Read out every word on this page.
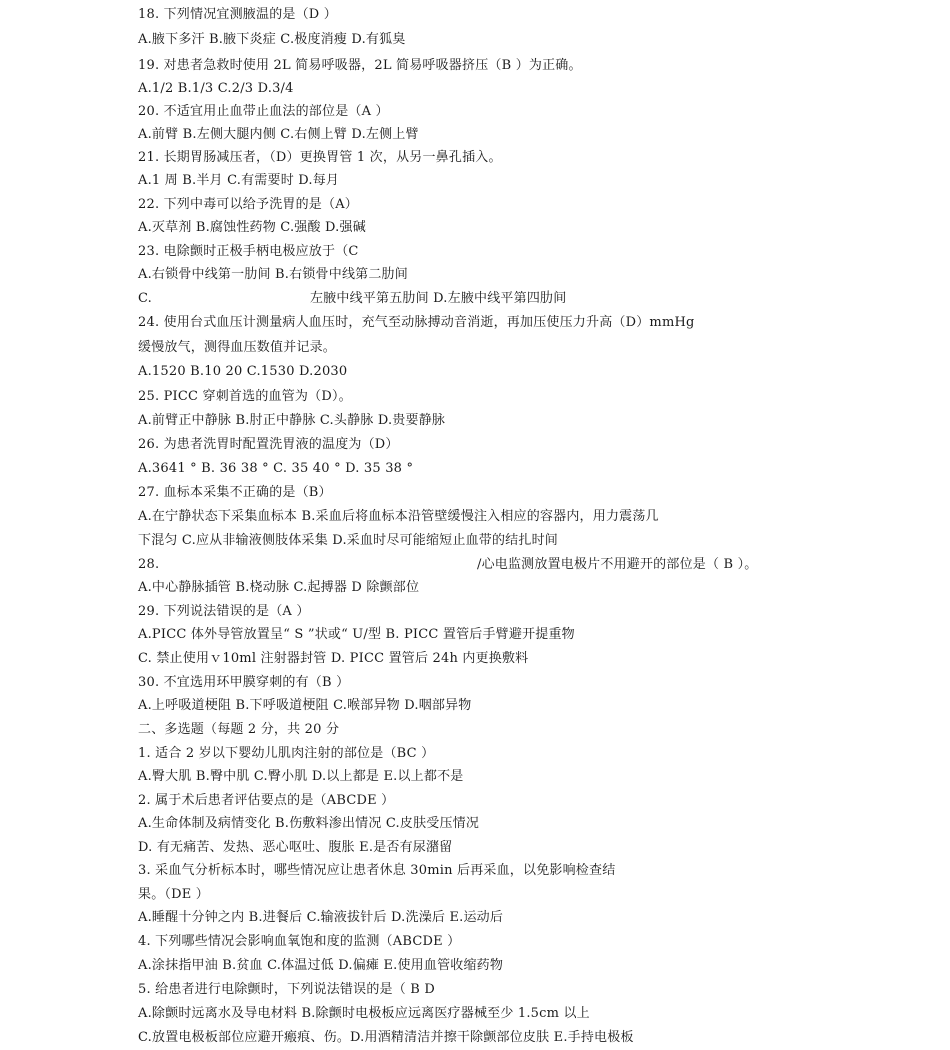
18. 下列情况宜测腋温的是（D ）
A.腋下多汗 B.腋下炎症 C.极度消瘦 D.有狐臭
19. 对患者急救时使用 2L 简易呼吸器，2L 简易呼吸器挤压（B ）为正确。
A.1/2 B.1/3 C.2/3 D.3/4
20. 不适宜用止血带止血法的部位是（A ）
A.前臂 B.左侧大腿内侧 C.右侧上臂 D.左侧上臂
21. 长期胃肠减压者，（D）更换胃管 1 次，从另一鼻孔插入。
A.1 周 B.半月 C.有需要时 D.每月
22. 下列中毒可以给予洗胃的是（A）
A.灭草剂 B.腐蚀性药物 C.强酸 D.强碱
23. 电除颤时正极手柄电极应放于（C
A.右锁骨中线第一肋间 B.右锁骨中线第二肋间
C.	左腋中线平第五肋间 D.左腋中线平第四肋间
24. 使用台式血压计测量病人血压时，充气至动脉搏动音消逝，再加压使压力升高（D）mmHg
缓慢放气，测得血压数值并记录。
A.1520 B.10 20 C.1530 D.2030
25. PICC 穿刺首选的血管为（D）。
A.前臂正中静脉 B.肘正中静脉 C.头静脉 D.贵要静脉
26. 为患者洗胃时配置洗胃液的温度为（D）
A.3641 ° B. 36 38 ° C. 35 40 ° D. 35 38 °
27. 血标本采集不正确的是（B）
A.在宁静状态下采集血标本 B.采血后将血标本沿管壁缓慢注入相应的容器内，用力震荡几
下混匀 C.应从非输液侧肢体采集 D.采血时尽可能缩短止血带的结扎时间
28.	/心电监测放置电极片不用避开的部位是（ B ）。
A.中心静脉插管 B.桡动脉 C.起搏器 D 除颤部位
29. 下列说法错误的是（A ）
A.PICC 体外导管放置呈“ S ”状或“ U/型 B. PICC 置管后手臂避开提重物
C. 禁止使用ｖ10ml 注射器封管 D. PICC 置管后 24h 内更换敷料
30. 不宜选用环甲膜穿刺的有（B ）
A.上呼吸道梗阻 B.下呼吸道梗阻 C.喉部异物 D.咽部异物
二、多选题（每题 2 分，共 20 分
1. 适合 2 岁以下婴幼儿肌肉注射的部位是（BC ）
A.臀大肌 B.臀中肌 C.臀小肌 D.以上都是 E.以上都不是
2. 属于术后患者评估要点的是（ABCDE ）
A.生命体制及病情变化 B.伤敷料渗出情况 C.皮肤受压情况
D. 有无痛苦、发热、恶心呕吐、腹胀 E.是否有尿潴留
3. 采血气分析标本时，哪些情况应让患者休息 30min 后再采血，以免影响检查结
果。（DE ）
A.睡醒十分钟之内 B.进餐后 C.输液拔针后 D.洗澡后 E.运动后
4. 下列哪些情况会影响血氧饱和度的监测（ABCDE ）
A.涂抹指甲油 B.贫血 C.体温过低 D.偏瘫 E.使用血管收缩药物
5. 给患者进行电除颤时，下列说法错误的是（ B D
A.除颤时远离水及导电材料 B.除颤时电极板应远离医疗器械至少 1.5cm 以上
C.放置电极板部位应避开瘢痕、伤。D.用酒精清洁并擦干除颤部位皮肤 E.手持电极板
